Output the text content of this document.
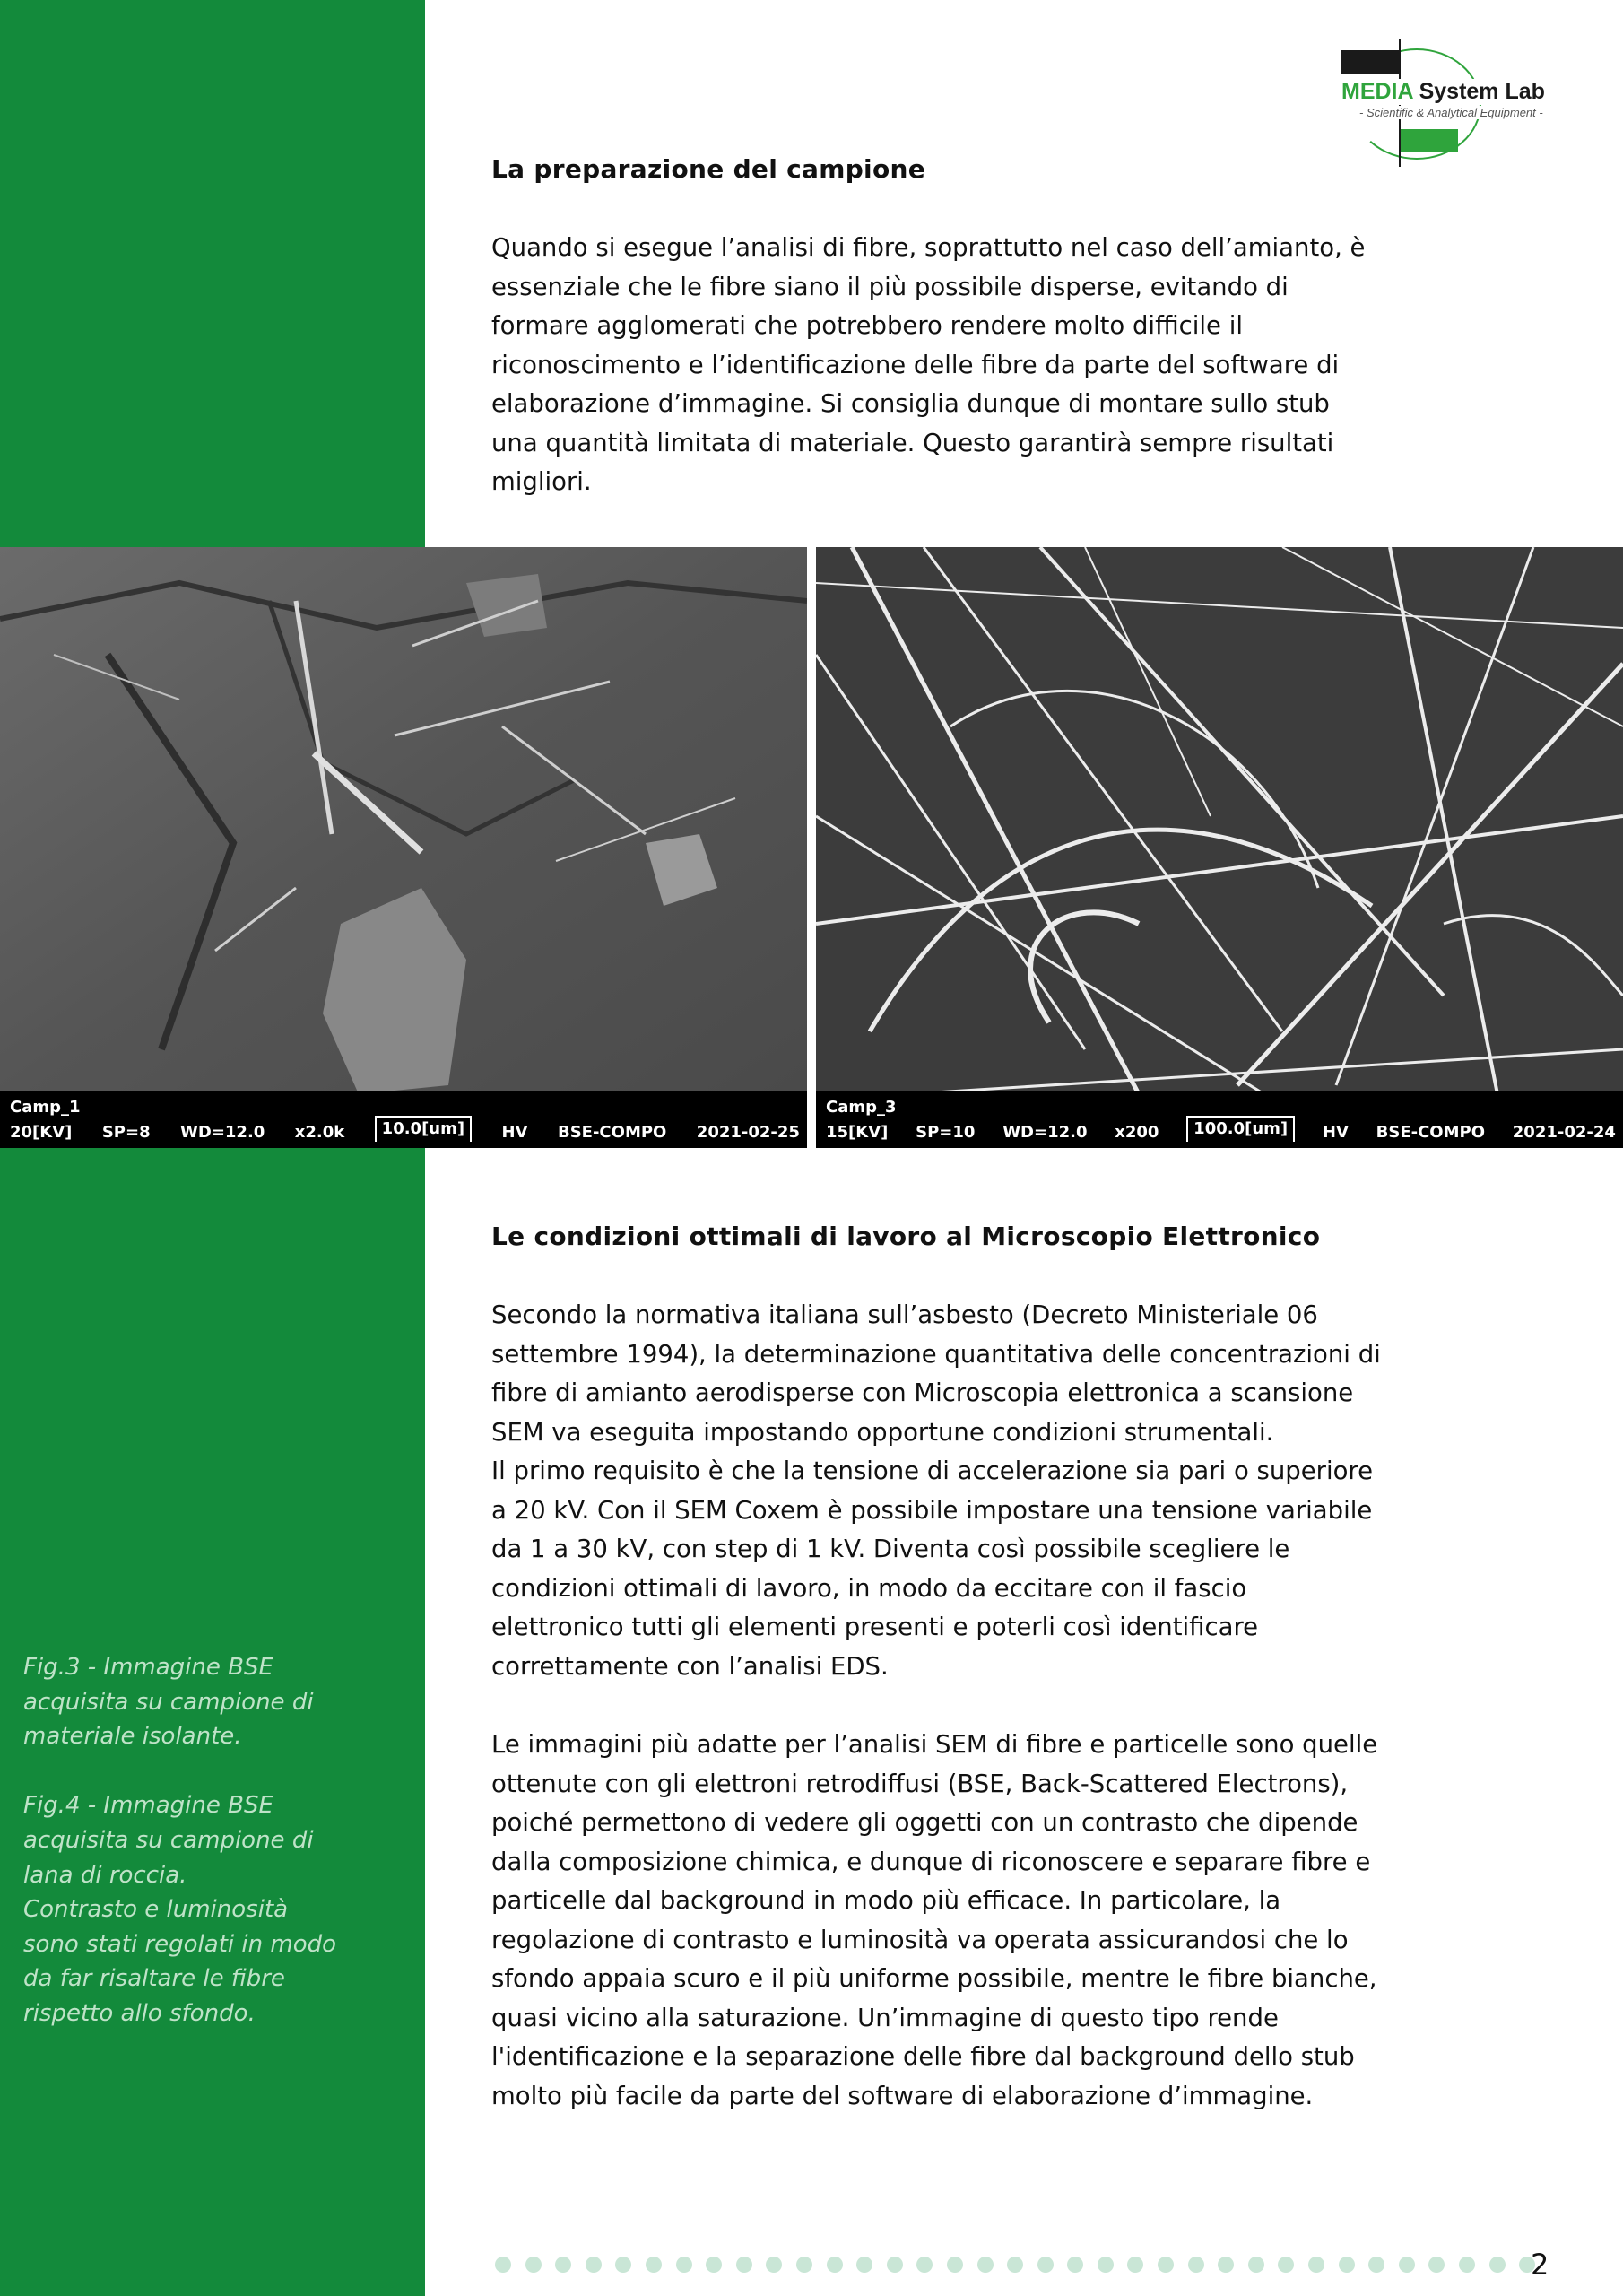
MEDIA System Lab
- Scientific & Analytical Equipment -
La preparazione del campione

Quando si esegue l’analisi di fibre, soprattutto nel caso dell’amianto, è
essenziale che le fibre siano il più possibile disperse, evitando di
formare agglomerati che potrebbero rendere molto difficile il
riconoscimento e l’identificazione delle fibre da parte del software di
elaborazione d’immagine. Si consiglia dunque di montare sullo stub
una quantità limitata di materiale. Questo garantirà sempre risultati
migliori.

Camp_1
20[KV] SP=8 WD=12.0 x2.0k	10.0[um]	HV BSE-COMPO 2021-02-25
Camp_3
15[KV] SP=10 WD=12.0 x200	100.0[um]	HV BSE-COMPO 2021-02-24
Le condizioni ottimali di lavoro al Microscopio Elettronico

Secondo la normativa italiana sull’asbesto (Decreto Ministeriale 06
settembre 1994), la determinazione quantitativa delle concentrazioni di
fibre di amianto aerodisperse con Microscopia elettronica a scansione
SEM va eseguita impostando opportune condizioni strumentali.
Il primo requisito è che la tensione di accelerazione sia pari o superiore
a 20 kV. Con il SEM Coxem è possibile impostare una tensione variabile
da 1 a 30 kV, con step di 1 kV. Diventa così possibile scegliere le
condizioni ottimali di lavoro, in modo da eccitare con il fascio
elettronico tutti gli elementi presenti e poterli così identificare
correttamente con l’analisi EDS.

Le immagini più adatte per l’analisi SEM di fibre e particelle sono quelle
ottenute con gli elettroni retrodiffusi (BSE, Back-Scattered Electrons),
poiché permettono di vedere gli oggetti con un contrasto che dipende
dalla composizione chimica, e dunque di riconoscere e separare fibre e
particelle dal background in modo più efficace. In particolare, la
regolazione di contrasto e luminosità va operata assicurandosi che lo
sfondo appaia scuro e il più uniforme possibile, mentre le fibre bianche,
quasi vicino alla saturazione. Un’immagine di questo tipo rende
l'identificazione e la separazione delle fibre dal background dello stub
molto più facile da parte del software di elaborazione d’immagine.

Fig.3 - Immagine BSE
acquisita su campione di
materiale isolante.

Fig.4 - Immagine BSE
acquisita su campione di
lana di roccia.
Contrasto e luminosità
sono stati regolati in modo
da far risaltare le fibre
rispetto allo sfondo.

2
